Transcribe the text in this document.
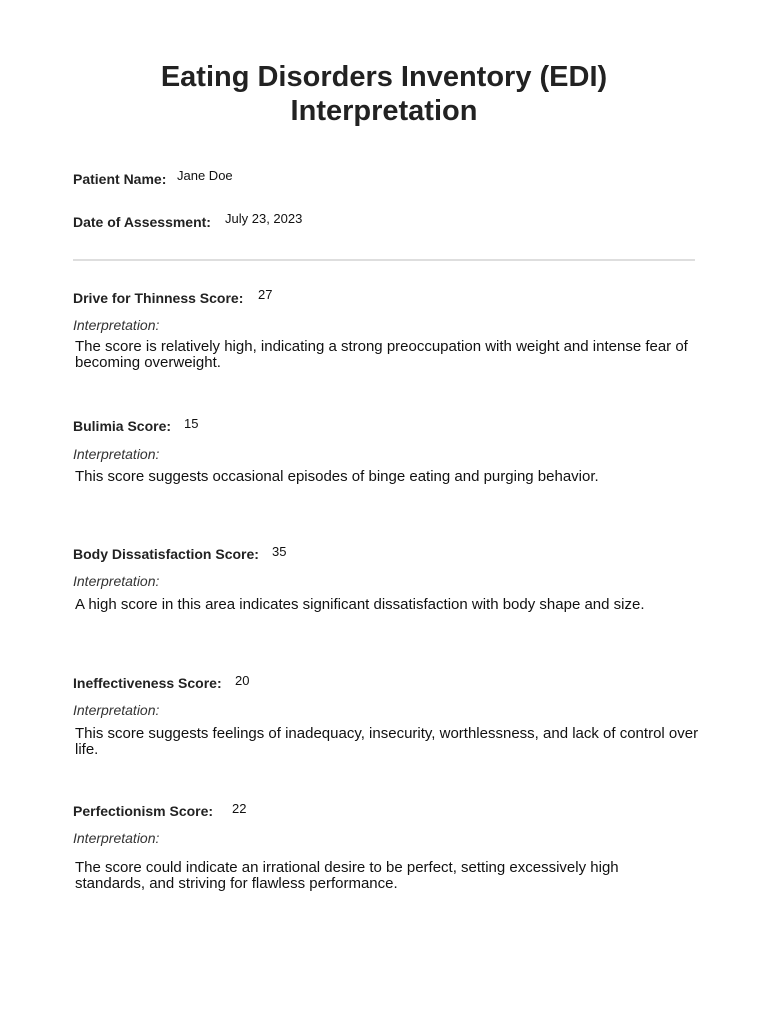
Eating Disorders Inventory (EDI)
Interpretation
Patient Name: Jane Doe
Date of Assessment: July 23, 2023
Drive for Thinness Score: 27
Interpretation:
The score is relatively high, indicating a strong preoccupation with weight and intense fear of becoming overweight.
Bulimia Score: 15
Interpretation:
This score suggests occasional episodes of binge eating and purging behavior.
Body Dissatisfaction Score: 35
Interpretation:
A high score in this area indicates significant dissatisfaction with body shape and size.
Ineffectiveness Score: 20
Interpretation:
This score suggests feelings of inadequacy, insecurity, worthlessness, and lack of control over life.
Perfectionism Score: 22
Interpretation:
The score could indicate an irrational desire to be perfect, setting excessively high standards, and striving for flawless performance.
